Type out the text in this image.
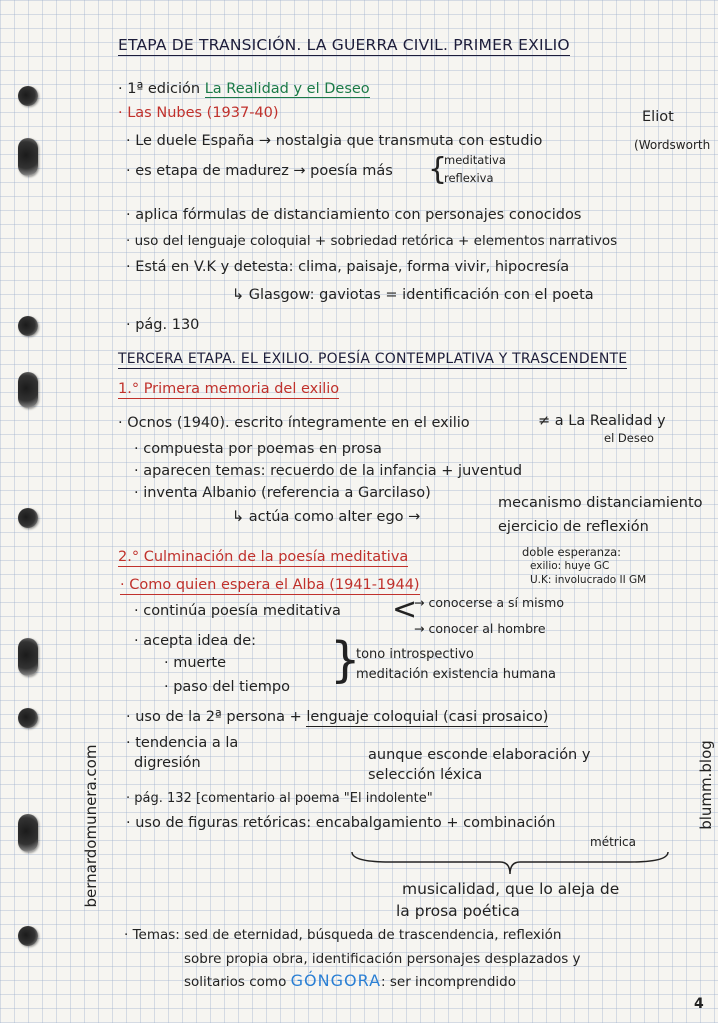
ETAPA DE TRANSICIÓN. LA GUERRA CIVIL. PRIMER EXILIO
· 1ª edición La Realidad y el Deseo
· Las Nubes (1937-40)	Eliot
· Le duele España → nostalgia que transmuta con estudio	(Wordsworth
· es etapa de madurez → poesía más {
meditativa
reflexiva
· aplica fórmulas de distanciamiento con personajes conocidos
· uso del lenguaje coloquial + sobriedad retórica + elementos narrativos
· Está en V.K y detesta: clima, paisaje, forma vivir, hipocresía
↳ Glasgow: gaviotas = identificación con el poeta
· pág. 130
TERCERA ETAPA. EL EXILIO. POESÍA CONTEMPLATIVA Y TRASCENDENTE
1.° Primera memoria del exilio
· Ocnos (1940). escrito íntegramente en el exilio	≠ a La Realidad y
el Deseo
· compuesta por poemas en prosa
· aparecen temas: recuerdo de la infancia + juventud
· inventa Albanio (referencia a Garcilaso)
mecanismo distanciamiento
↳ actúa como alter ego →
ejercicio de reflexión
2.° Culminación de la poesía meditativa	doble esperanza:
exilio: huye GC
U.K: involucrado II GM
· Como quien espera el Alba (1941-1944)
· continúa poesía meditativa <
→ conocerse a sí mismo
→ conocer al hombre
· acepta idea de:
· muerte
· paso del tiempo }
tono introspectivo
meditación existencia humana
· uso de la 2ª persona + lenguaje coloquial (casi prosaico)
· tendencia a la
digresión	aunque esconde elaboración y
selección léxica
· pág. 132 [comentario al poema "El indolente"
· uso de figuras retóricas: encabalgamiento + combinación
métrica
musicalidad, que lo aleja de
la prosa poética
· Temas: sed de eternidad, búsqueda de trascendencia, reflexión
sobre propia obra, identificación personajes desplazados y
solitarios como GÓNGORA: ser incomprendido
bernardomunera.com	blumm.blog
4
